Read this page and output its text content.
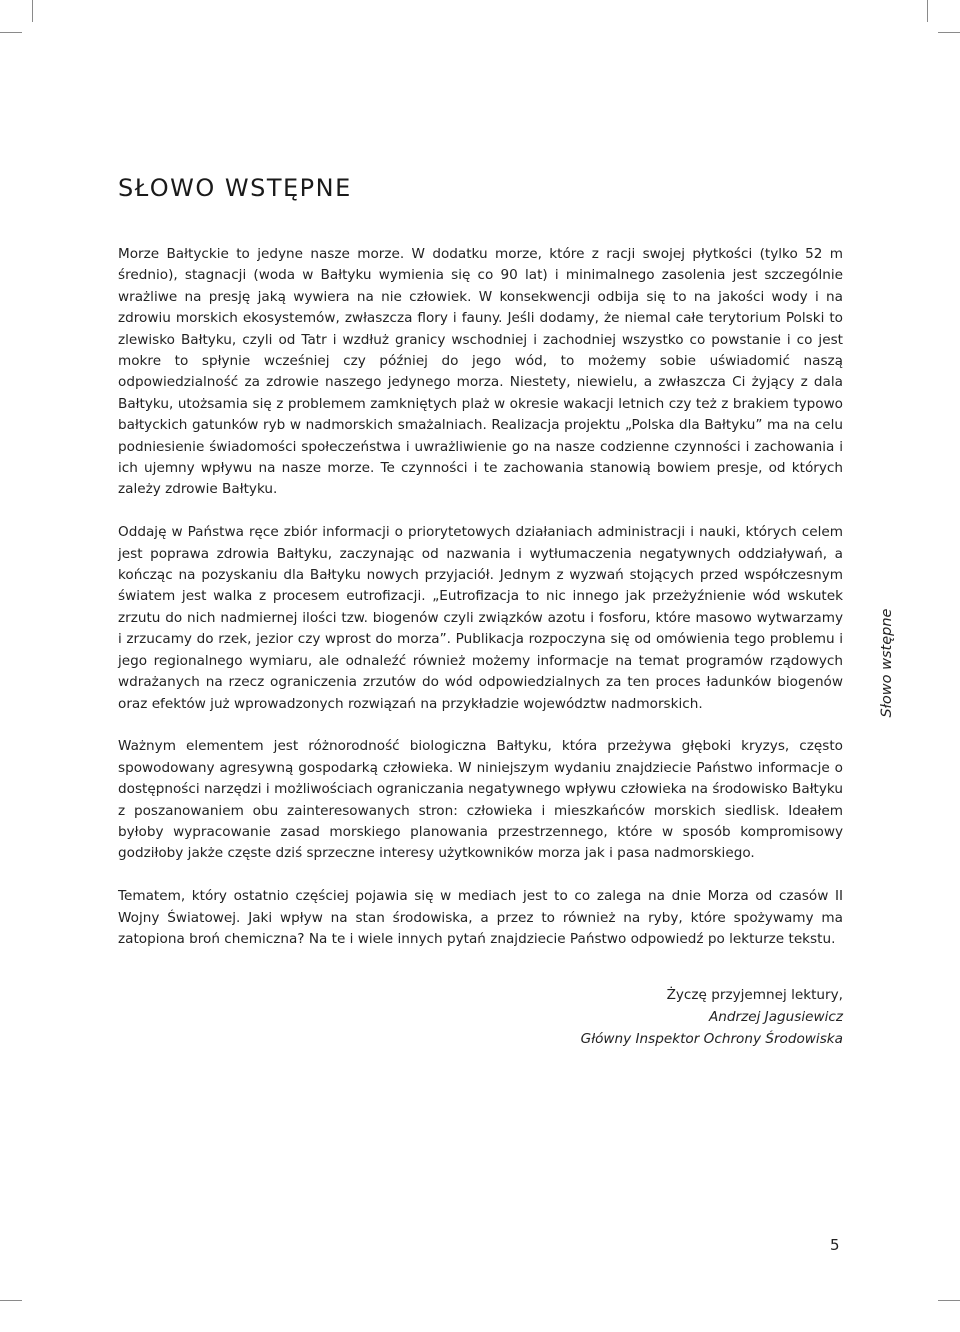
SŁOWO WSTĘPNE

Morze Bałtyckie to jedyne nasze morze. W dodatku morze, które z racji swojej płytkości (tylko 52 m średnio), stagnacji (woda w Bałtyku wymienia się co 90 lat) i minimalnego zasolenia jest szczególnie wrażliwe na presję jaką wywiera na nie człowiek. W konsekwencji odbija się to na jakości wody i na zdrowiu morskich ekosystemów, zwłaszcza flory i fauny. Jeśli dodamy, że niemal całe terytorium Polski to zlewisko Bałtyku, czyli od Tatr i wzdłuż granicy wschodniej i zachodniej wszystko co powstanie i co jest mokre to spłynie wcześniej czy później do jego wód, to możemy sobie uświadomić naszą odpowiedzialność za zdrowie naszego jedynego morza. Niestety, niewielu, a zwłaszcza Ci żyjący z dala Bałtyku, utożsamia się z problemem zamkniętych plaż w okresie wakacji letnich czy też z brakiem typowo bałtyckich gatunków ryb w nadmorskich smażalniach. Realizacja projektu „Polska dla Bałtyku” ma na celu podniesienie świadomości społeczeństwa i uwrażliwienie go na nasze codzienne czynności i zachowania i ich ujemny wpływu na nasze morze. Te czynności i te zachowania stanowią bowiem presje, od których zależy zdrowie Bałtyku.

Oddaję w Państwa ręce zbiór informacji o priorytetowych działaniach administracji i nauki, których celem jest poprawa zdrowia Bałtyku, zaczynając od nazwania i wytłumaczenia negatywnych oddziaływań, a kończąc na pozyskaniu dla Bałtyku nowych przyjaciół. Jednym z wyzwań stojących przed współczesnym światem jest walka z procesem eutrofizacji. „Eutrofizacja to nic innego jak przeżyźnienie wód wskutek zrzutu do nich nadmiernej ilości tzw. biogenów czyli związków azotu i fosforu, które masowo wytwarzamy i zrzucamy do rzek, jezior czy wprost do morza”. Publikacja rozpoczyna się od omówienia tego problemu i jego regionalnego wymiaru, ale odnaleźć również możemy informacje na temat programów rządowych wdrażanych na rzecz ograniczenia zrzutów do wód odpowiedzialnych za ten proces ładunków biogenów oraz efektów już wprowadzonych rozwiązań na przykładzie województw nadmorskich.

Ważnym elementem jest różnorodność biologiczna Bałtyku, która przeżywa głęboki kryzys, często spowodowany agresywną gospodarką człowieka. W niniejszym wydaniu znajdziecie Państwo informacje o dostępności narzędzi i możliwościach ograniczania negatywnego wpływu człowieka na środowisko Bałtyku z poszanowaniem obu zainteresowanych stron: człowieka i mieszkańców morskich siedlisk. Ideałem byłoby wypracowanie zasad morskiego planowania przestrzennego, które w sposób kompromisowy godziłoby jakże częste dziś sprzeczne interesy użytkowników morza jak i pasa nadmorskiego.

Tematem, który ostatnio częściej pojawia się w mediach jest to co zalega na dnie Morza od czasów II Wojny Światowej. Jaki wpływ na stan środowiska, a przez to również na ryby, które spożywamy ma zatopiona broń chemiczna? Na te i wiele innych pytań znajdziecie Państwo odpowiedź po lekturze tekstu.

Życzę przyjemnej lektury,
Andrzej Jagusiewicz
Główny Inspektor Ochrony Środowiska
Słowo wstępne
5
